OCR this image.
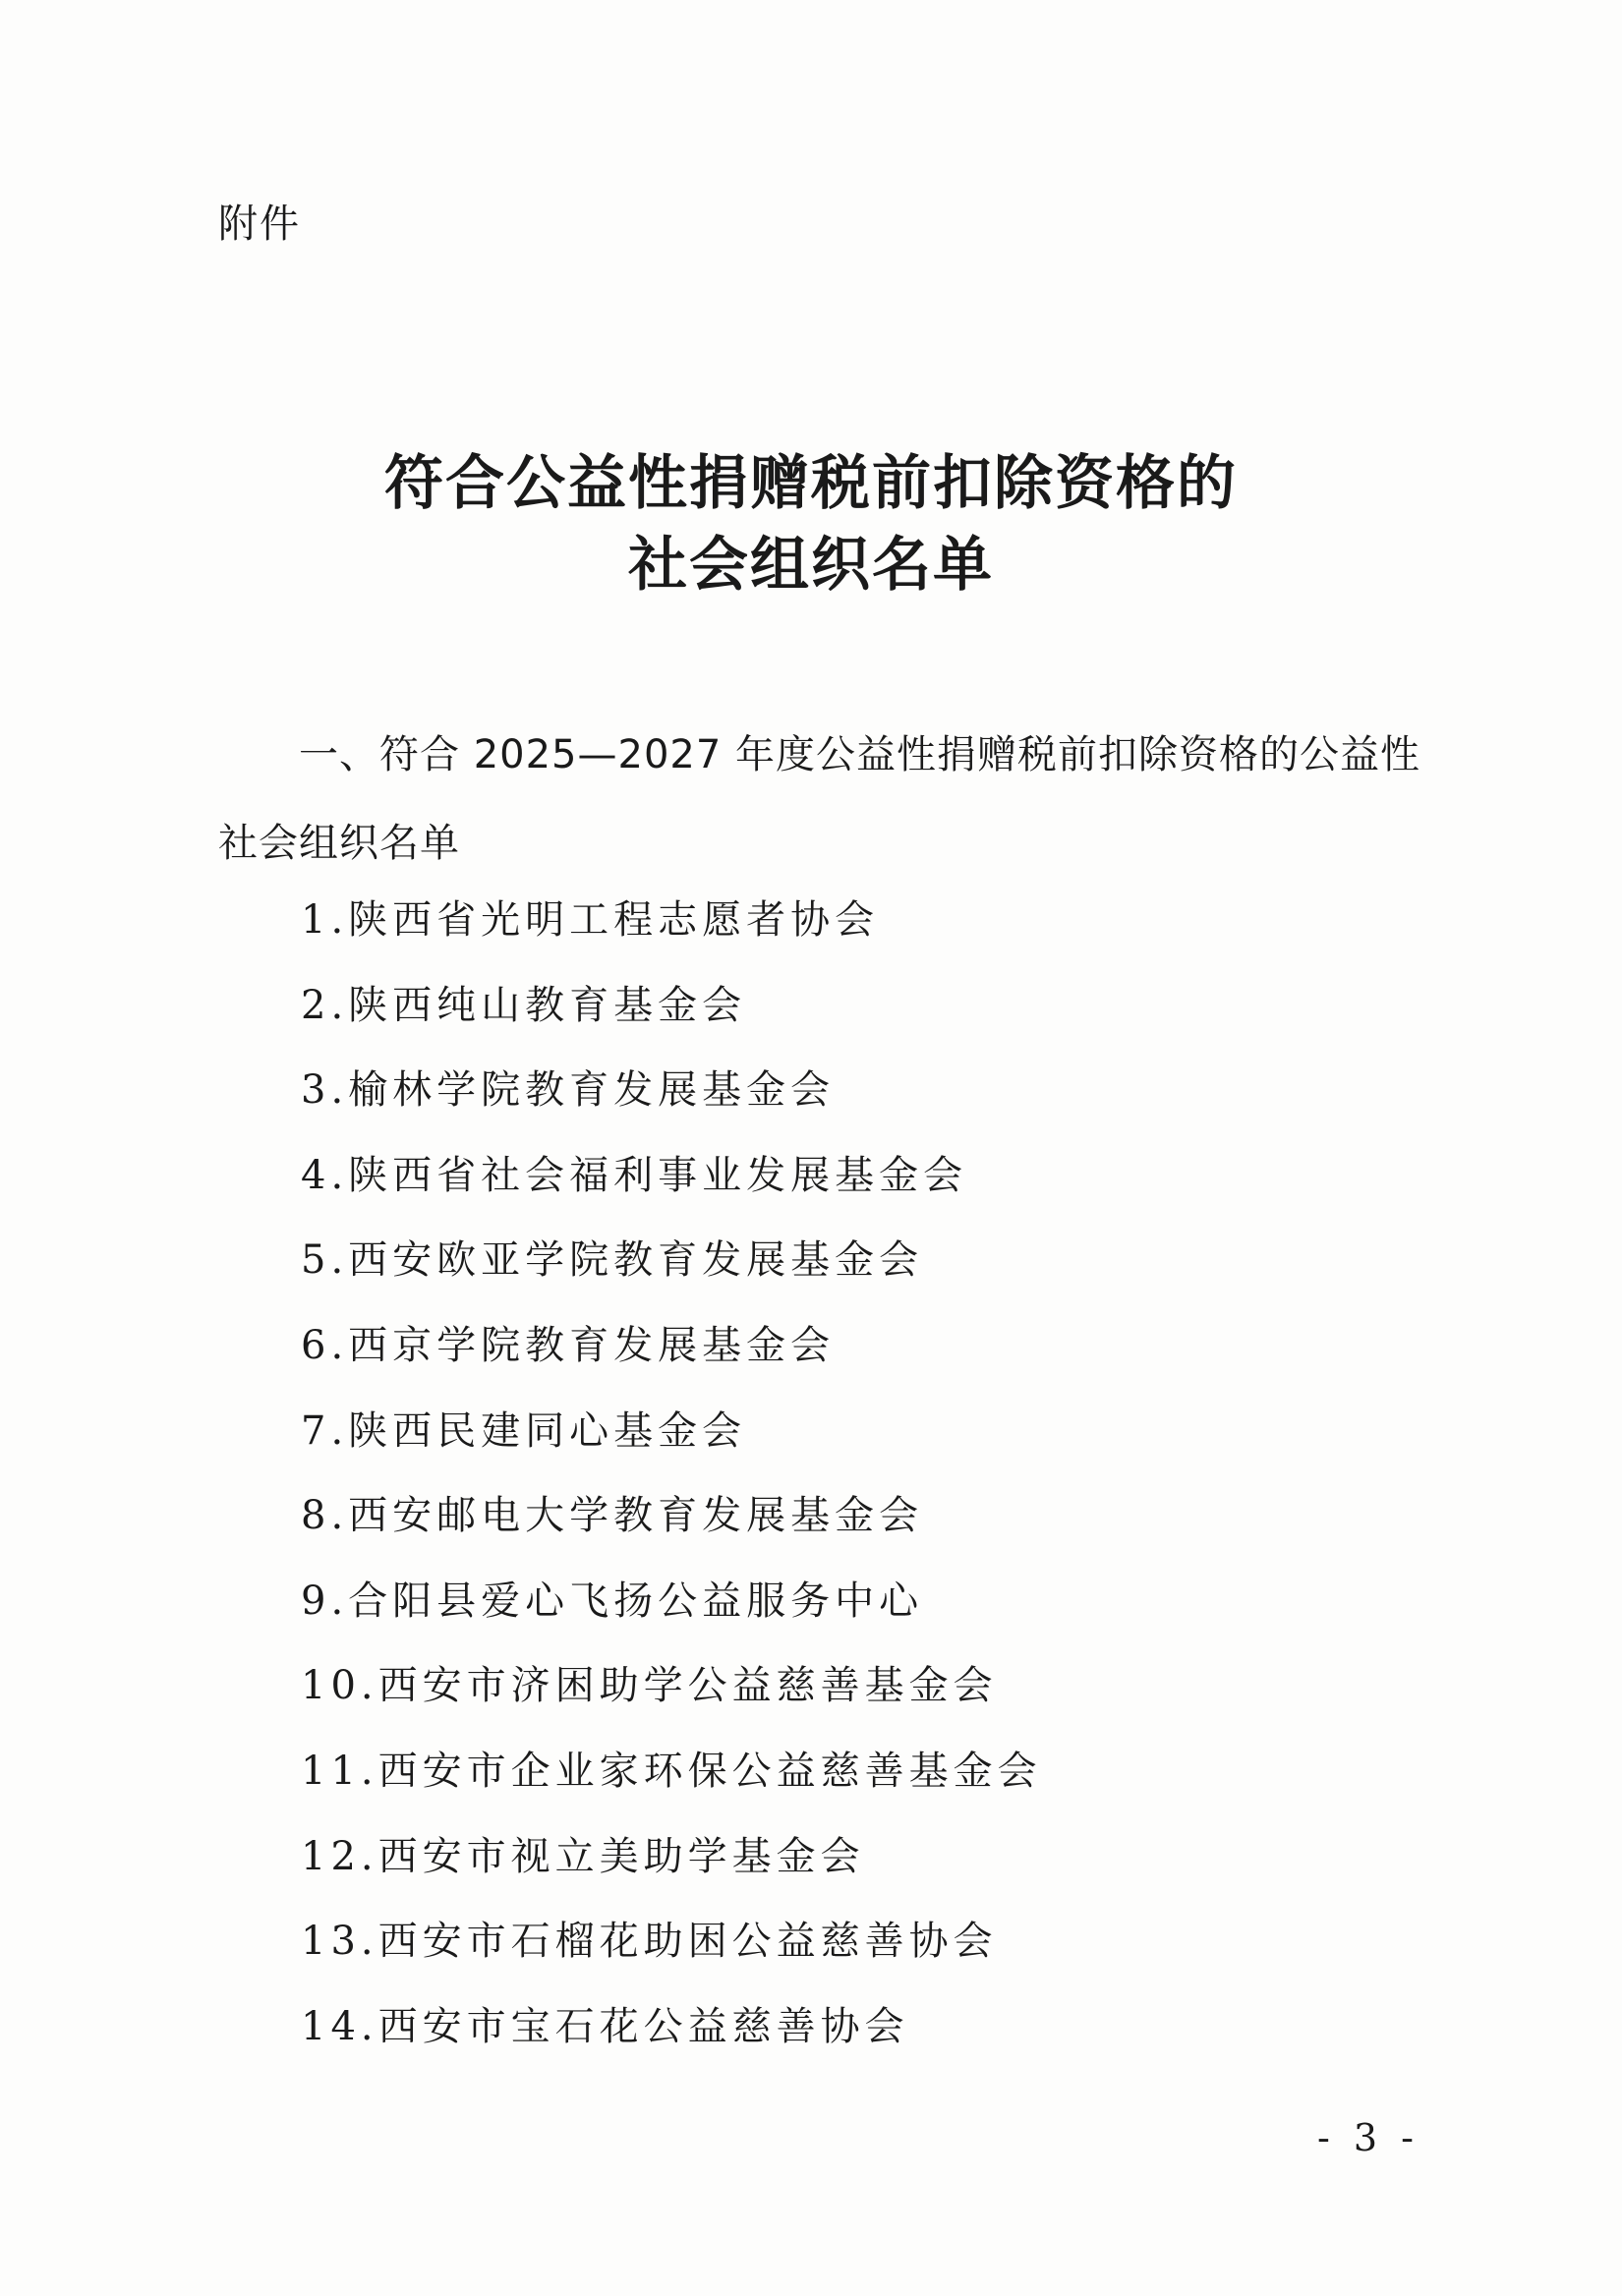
附件
符合公益性捐赠税前扣除资格的
社会组织名单

一、符合 2025—2027 年度公益性捐赠税前扣除资格的公益性社会组织名单

1.陕西省光明工程志愿者协会
2.陕西纯山教育基金会
3.榆林学院教育发展基金会
4.陕西省社会福利事业发展基金会
5.西安欧亚学院教育发展基金会
6.西京学院教育发展基金会
7.陕西民建同心基金会
8.西安邮电大学教育发展基金会
9.合阳县爱心飞扬公益服务中心
10.西安市济困助学公益慈善基金会
11.西安市企业家环保公益慈善基金会
12.西安市视立美助学基金会
13.西安市石榴花助困公益慈善协会
14.西安市宝石花公益慈善协会
- 3 -
